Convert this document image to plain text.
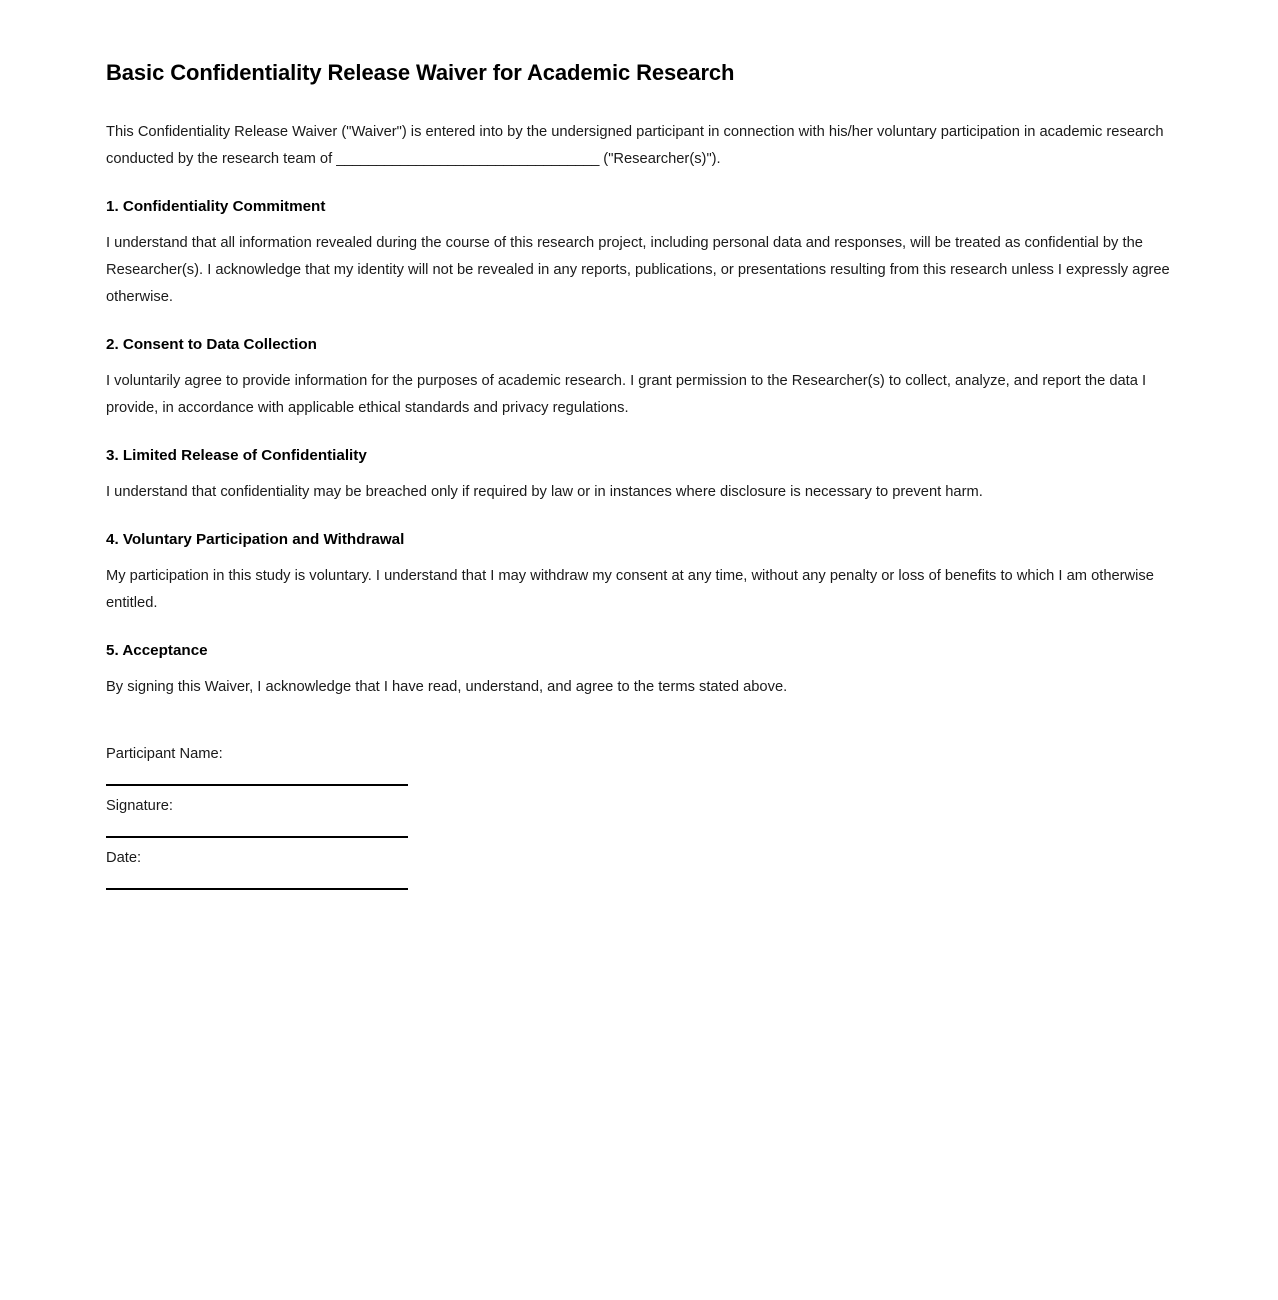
Basic Confidentiality Release Waiver for Academic Research

This Confidentiality Release Waiver ("Waiver") is entered into by the undersigned participant in connection with his/her voluntary participation in academic research conducted by the research team of _________________________________ ("Researcher(s)").

1. Confidentiality Commitment

I understand that all information revealed during the course of this research project, including personal data and responses, will be treated as confidential by the Researcher(s). I acknowledge that my identity will not be revealed in any reports, publications, or presentations resulting from this research unless I expressly agree otherwise.

2. Consent to Data Collection

I voluntarily agree to provide information for the purposes of academic research. I grant permission to the Researcher(s) to collect, analyze, and report the data I provide, in accordance with applicable ethical standards and privacy regulations.

3. Limited Release of Confidentiality

I understand that confidentiality may be breached only if required by law or in instances where disclosure is necessary to prevent harm.

4. Voluntary Participation and Withdrawal

My participation in this study is voluntary. I understand that I may withdraw my consent at any time, without any penalty or loss of benefits to which I am otherwise entitled.

5. Acceptance

By signing this Waiver, I acknowledge that I have read, understand, and agree to the terms stated above.

Participant Name:

Signature:

Date:
